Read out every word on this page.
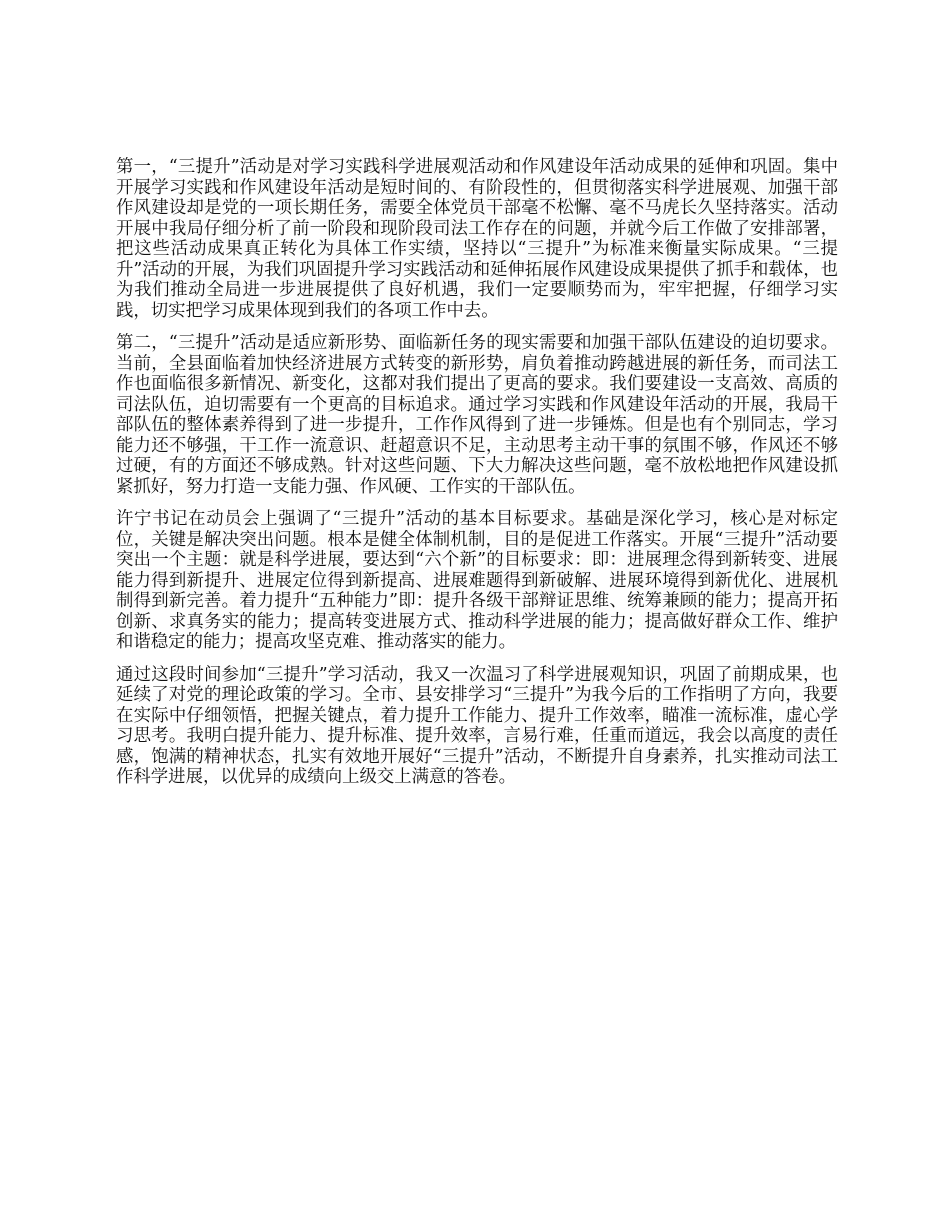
第一，“三提升”活动是对学习实践科学进展观活动和作风建设年活动成果的延伸和巩固。集中开展学习实践和作风建设年活动是短时间的、有阶段性的，但贯彻落实科学进展观、加强干部作风建设却是党的一项长期任务，需要全体党员干部毫不松懈、毫不马虎长久坚持落实。活动开展中我局仔细分析了前一阶段和现阶段司法工作存在的问题，并就今后工作做了安排部署，把这些活动成果真正转化为具体工作实绩，坚持以“三提升”为标准来衡量实际成果。“三提升”活动的开展，为我们巩固提升学习实践活动和延伸拓展作风建设成果提供了抓手和载体，也为我们推动全局进一步进展提供了良好机遇，我们一定要顺势而为，牢牢把握，仔细学习实践，切实把学习成果体现到我们的各项工作中去。

第二，“三提升”活动是适应新形势、面临新任务的现实需要和加强干部队伍建设的迫切要求。当前，全县面临着加快经济进展方式转变的新形势，肩负着推动跨越进展的新任务，而司法工作也面临很多新情况、新变化，这都对我们提出了更高的要求。我们要建设一支高效、高质的司法队伍，迫切需要有一个更高的目标追求。通过学习实践和作风建设年活动的开展，我局干部队伍的整体素养得到了进一步提升，工作作风得到了进一步锤炼。但是也有个别同志，学习能力还不够强，干工作一流意识、赶超意识不足，主动思考主动干事的氛围不够，作风还不够过硬，有的方面还不够成熟。针对这些问题、下大力解决这些问题，毫不放松地把作风建设抓紧抓好，努力打造一支能力强、作风硬、工作实的干部队伍。

许宁书记在动员会上强调了“三提升”活动的基本目标要求。基础是深化学习，核心是对标定位，关键是解决突出问题。根本是健全体制机制，目的是促进工作落实。开展“三提升”活动要突出一个主题：就是科学进展，要达到“六个新”的目标要求：即：进展理念得到新转变、进展能力得到新提升、进展定位得到新提高、进展难题得到新破解、进展环境得到新优化、进展机制得到新完善。着力提升“五种能力”即：提升各级干部辩证思维、统筹兼顾的能力；提高开拓创新、求真务实的能力；提高转变进展方式、推动科学进展的能力；提高做好群众工作、维护和谐稳定的能力；提高攻坚克难、推动落实的能力。

通过这段时间参加“三提升”学习活动，我又一次温习了科学进展观知识，巩固了前期成果，也延续了对党的理论政策的学习。全市、县安排学习“三提升”为我今后的工作指明了方向，我要在实际中仔细领悟，把握关键点，着力提升工作能力、提升工作效率，瞄准一流标准，虚心学习思考。我明白提升能力、提升标准、提升效率，言易行难，任重而道远，我会以高度的责任感，饱满的精神状态，扎实有效地开展好“三提升”活动，不断提升自身素养，扎实推动司法工作科学进展，以优异的成绩向上级交上满意的答卷。
